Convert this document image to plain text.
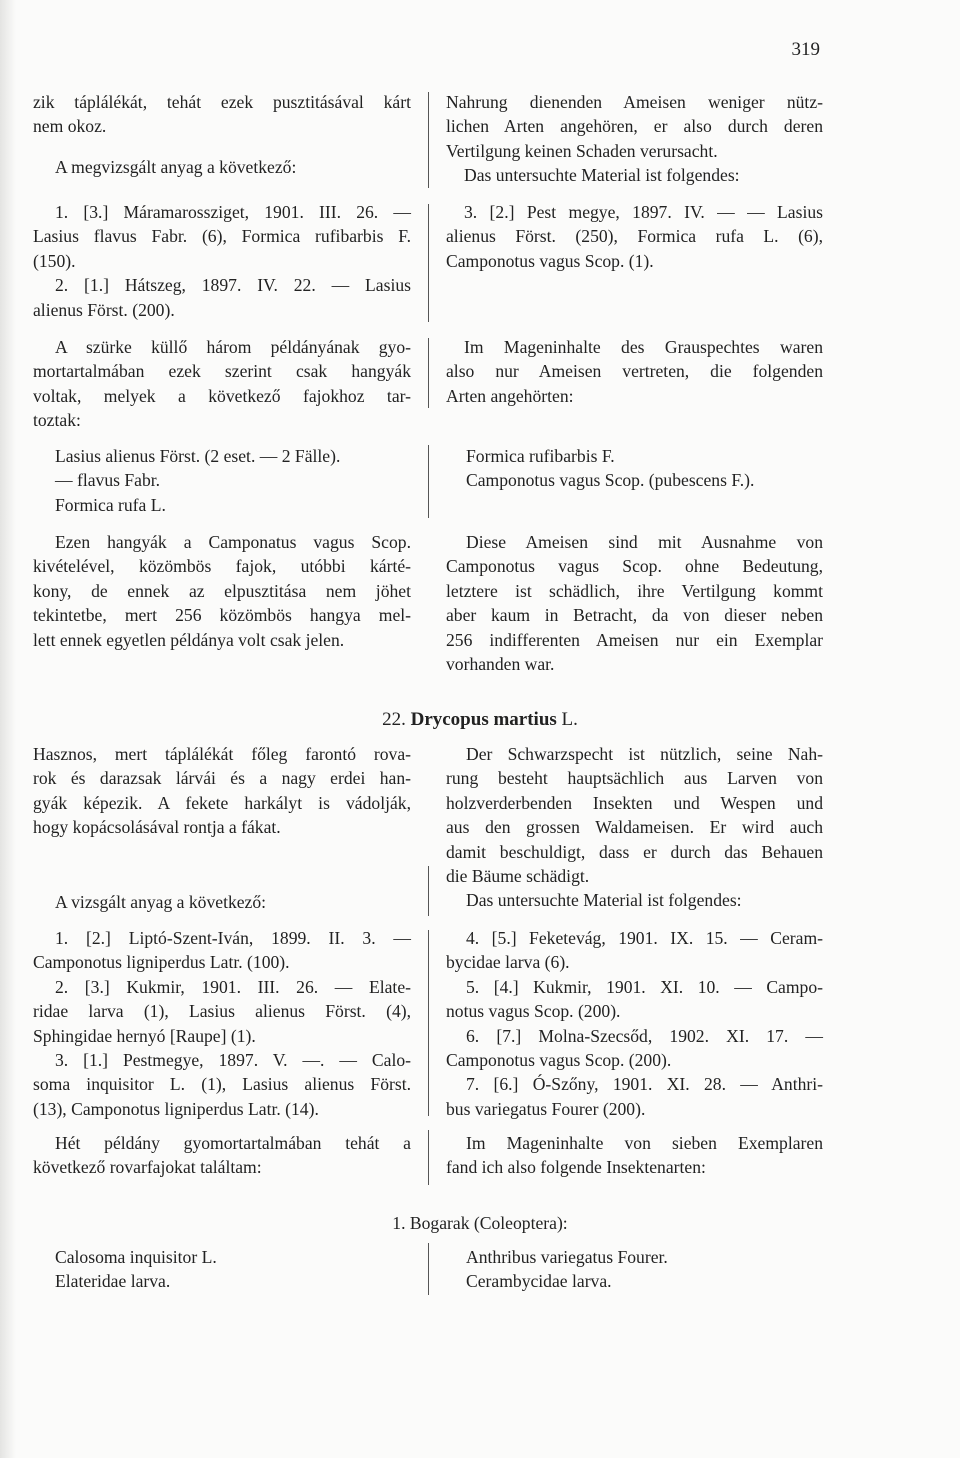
319

zik táplálékát, tehát ezek pusztitásával kárt

nem okoz.

A megvizsgált anyag a következő:

Nahrung dienenden Ameisen weniger nütz-

lichen Arten angehören, er also durch deren

Vertilgung keinen Schaden verursacht.

Das untersuchte Material ist folgendes:

1. [3.] Máramarossziget, 1901. III. 26. —

Lasius flavus Fabr. (6), Formica rufibarbis F.

(150).

2. [1.] Hátszeg, 1897. IV. 22. — Lasius

alienus Först. (200).

3. [2.] Pest megye, 1897. IV. — — Lasius

alienus Först. (250), Formica rufa L. (6),

Camponotus vagus Scop. (1).

A szürke küllő három példányának gyo-

mortartalmában ezek szerint csak hangyák

voltak, melyek a következő fajokhoz tar-

toztak:

Im Mageninhalte des Grauspechtes waren

also nur Ameisen vertreten, die folgenden

Arten angehörten:

Lasius alienus Först. (2 eset. — 2 Fälle).

— flavus Fabr.

Formica rufa L.

Formica rufibarbis F.

Camponotus vagus Scop. (pubescens F.).

Ezen hangyák a Camponatus vagus Scop.

kivételével, közömbös fajok, utóbbi kárté-

kony, de ennek az elpusztitása nem jöhet

tekintetbe, mert 256 közömbös hangya mel-

lett ennek egyetlen példánya volt csak jelen.

Diese Ameisen sind mit Ausnahme von

Camponotus vagus Scop. ohne Bedeutung,

letztere ist schädlich, ihre Vertilgung kommt

aber kaum in Betracht, da von dieser neben

256 indifferenten Ameisen nur ein Exemplar

vorhanden war.

22. Drycopus martius L.

Hasznos, mert táplálékát főleg farontó rova-

rok és darazsak lárvái és a nagy erdei han-

gyák képezik. A fekete harkályt is vádolják,

hogy kopácsolásával rontja a fákat.

A vizsgált anyag a következő:

Der Schwarzspecht ist nützlich, seine Nah-

rung besteht hauptsächlich aus Larven von

holzverderbenden Insekten und Wespen und

aus den grossen Waldameisen. Er wird auch

damit beschuldigt, dass er durch das Behauen

die Bäume schädigt.

Das untersuchte Material ist folgendes:

1. [2.] Liptó-Szent-Iván, 1899. II. 3. —

Camponotus ligniperdus Latr. (100).

2. [3.] Kukmir, 1901. III. 26. — Elate-

ridae larva (1), Lasius alienus Först. (4),

Sphingidae hernyó [Raupe] (1).

3. [1.] Pestmegye, 1897. V. —. — Calo-

soma inquisitor L. (1), Lasius alienus Först.

(13), Camponotus ligniperdus Latr. (14).

4. [5.] Feketevág, 1901. IX. 15. — Ceram-

bycidae larva (6).

5. [4.] Kukmir, 1901. XI. 10. — Campo-

notus vagus Scop. (200).

6. [7.] Molna-Szecsőd, 1902. XI. 17. —

Camponotus vagus Scop. (200).

7. [6.] Ó-Szőny, 1901. XI. 28. — Anthri-

bus variegatus Fourer (200).

Hét példány gyomortartalmában tehát a

következő rovarfajokat találtam:

Im Mageninhalte von sieben Exemplaren

fand ich also folgende Insektenarten:

1. Bogarak (Coleoptera):

Calosoma inquisitor L.

Elateridae larva.

Anthribus variegatus Fourer.

Cerambycidae larva.
